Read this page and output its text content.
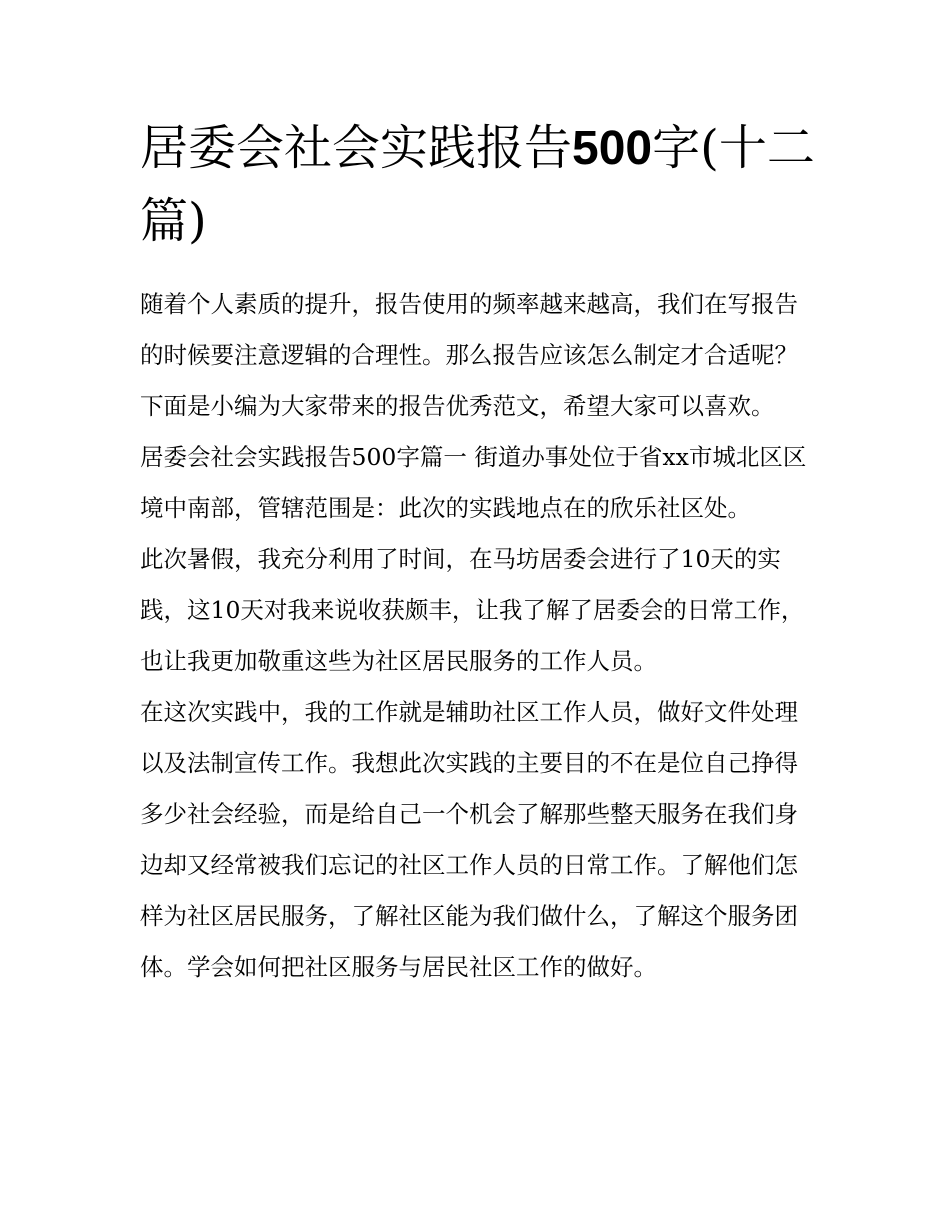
居委会社会实践报告500字(十二篇)

随着个人素质的提升，报告使用的频率越来越高，我们在写报告的时候要注意逻辑的合理性。那么报告应该怎么制定才合适呢？下面是小编为大家带来的报告优秀范文，希望大家可以喜欢。

居委会社会实践报告500字篇一 街道办事处位于省xx市城北区区境中南部，管辖范围是：此次的实践地点在的欣乐社区处。

此次暑假，我充分利用了时间，在马坊居委会进行了10天的实践，这10天对我来说收获颇丰，让我了解了居委会的日常工作，也让我更加敬重这些为社区居民服务的工作人员。

在这次实践中，我的工作就是辅助社区工作人员，做好文件处理以及法制宣传工作。我想此次实践的主要目的不在是位自己挣得多少社会经验，而是给自己一个机会了解那些整天服务在我们身边却又经常被我们忘记的社区工作人员的日常工作。了解他们怎样为社区居民服务，了解社区能为我们做什么，了解这个服务团体。学会如何把社区服务与居民社区工作的做好。
